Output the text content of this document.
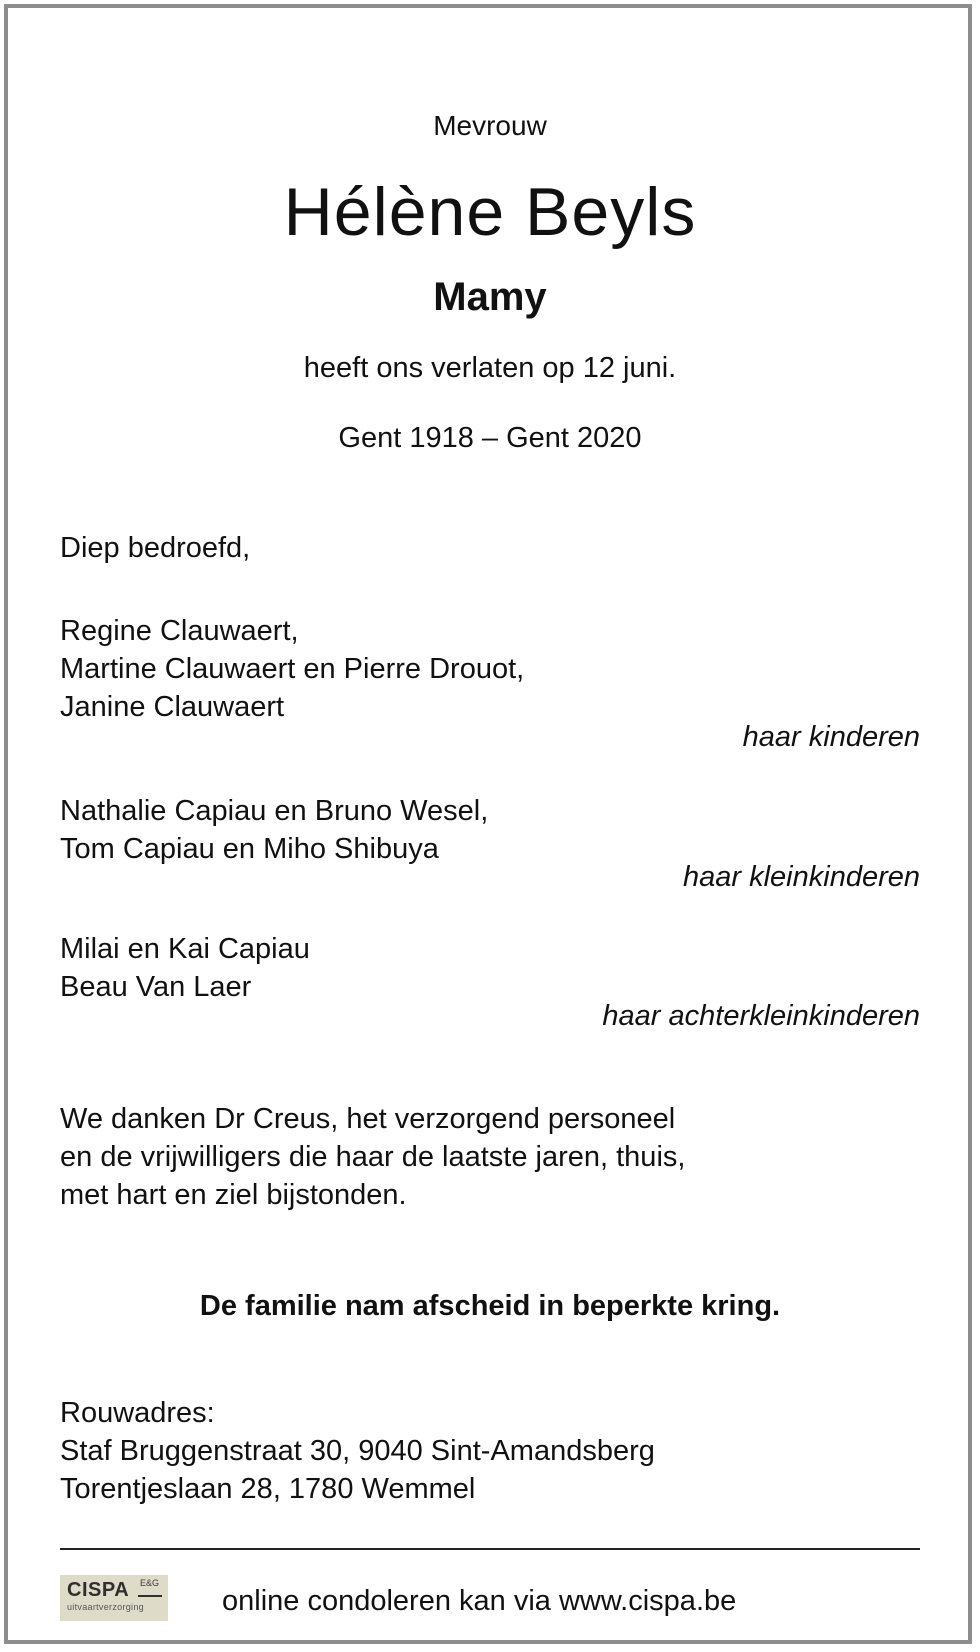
Mevrouw

Hélène Beyls

Mamy

heeft ons verlaten op 12 juni.

Gent 1918 – Gent 2020

Diep bedroefd,

Regine Clauwaert,
Martine Clauwaert en Pierre Drouot,
Janine Clauwaert

haar kinderen

Nathalie Capiau en Bruno Wesel,
Tom Capiau en Miho Shibuya

haar kleinkinderen

Milai en Kai Capiau
Beau Van Laer

haar achterkleinkinderen

We danken Dr Creus, het verzorgend personeel
en de vrijwilligers die haar de laatste jaren, thuis,
met hart en ziel bijstonden.

De familie nam afscheid in beperkte kring.

Rouwadres:
Staf Bruggenstraat 30, 9040 Sint-Amandsberg
Torentjeslaan 28, 1780 Wemmel
CISPA E&G
uitvaartverzorging	online condoleren kan via www.cispa.be
